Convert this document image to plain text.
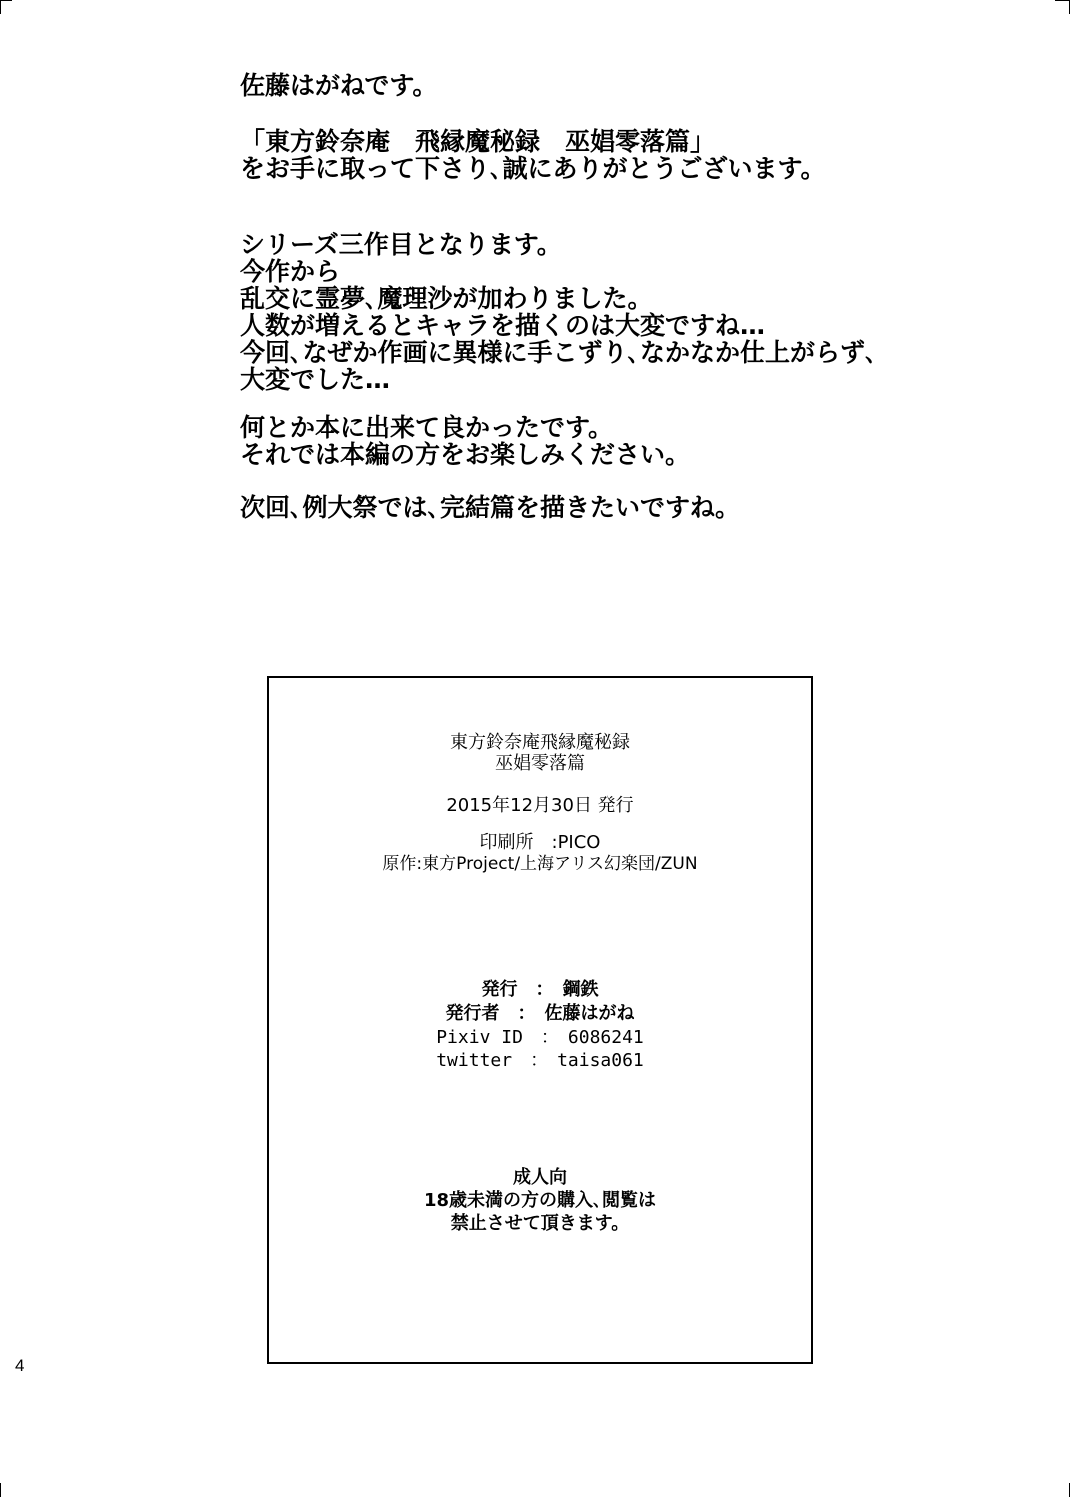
佐藤はがねです。
「東方鈴奈庵　飛縁魔秘録　巫娼零落篇」
をお手に取って下さり､誠にありがとうございます。
シリーズ三作目となります。
今作から
乱交に霊夢､魔理沙が加わりました。
人数が増えるとキャラを描くのは大変ですね…
今回､なぜか作画に異様に手こずり､なかなか仕上がらず､
大変でした…
何とか本に出来て良かったです。
それでは本編の方をお楽しみください。
次回､例大祭では､完結篇を描きたいですね。
東方鈴奈庵飛縁魔秘録
巫娼零落篇
2015年12月30日 発行
印刷所　:PICO
原作:東方Project/上海アリス幻楽団/ZUN
発行　：　鋼鉄
発行者　：　佐藤はがね
Pixiv ID　：　6086241
twitter　：　taisa061
成人向
18歳未満の方の購入､閲覧は
禁止させて頂きます。
4
